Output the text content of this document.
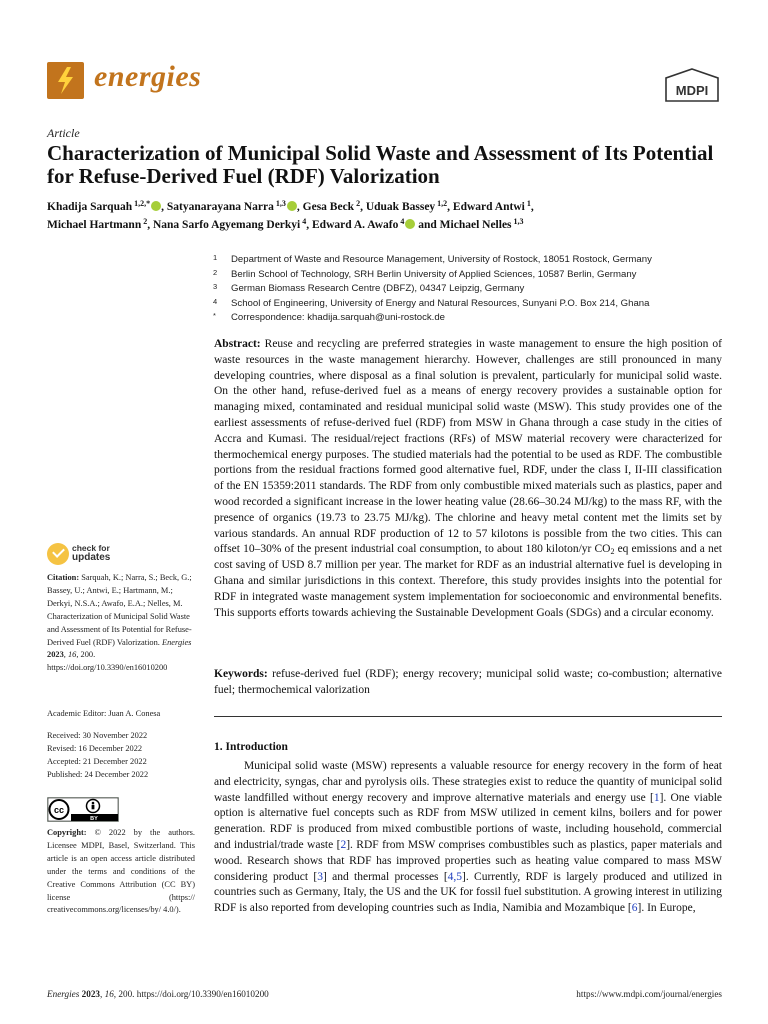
energies	MDPI
Article
Characterization of Municipal Solid Waste and Assessment of Its Potential for Refuse-Derived Fuel (RDF) Valorization
Khadija Sarquah $^{1,2,*}$ , Satyanarayana Narra $^{1,3}$ , Gesa Beck $^2$, Uduak Bassey $^{1,2}$, Edward Antwi $^1$,
Michael Hartmann $^2$, Nana Sarfo Agyemang Derkyi $^4$, Edward A. Awafo $^4$ and Michael Nelles $^{1,3}$
1 Department of Waste and Resource Management, University of Rostock, 18051 Rostock, Germany
2 Berlin School of Technology, SRH Berlin University of Applied Sciences, 10587 Berlin, Germany
3 German Biomass Research Centre (DBFZ), 04347 Leipzig, Germany
4 School of Engineering, University of Energy and Natural Resources, Sunyani P.O. Box 214, Ghana
* Correspondence: khadija.sarquah@uni-rostock.de
Abstract: Reuse and recycling are preferred strategies in waste management to ensure the high position of waste resources in the waste management hierarchy. However, challenges are still pronounced in many developing countries, where disposal as a final solution is prevalent, particularly for municipal solid waste. On the other hand, refuse-derived fuel as a means of energy recovery provides a sustainable option for managing mixed, contaminated and residual municipal solid waste (MSW). This study provides one of the earliest assessments of refuse-derived fuel (RDF) from MSW in Ghana through a case study in the cities of Accra and Kumasi. The residual/reject fractions (RFs) of MSW material recovery were characterized for thermochemical energy purposes. The studied materials had the potential to be used as RDF. The combustible portions from the residual fractions formed good alternative fuel, RDF, under the class I, II-III classification of the EN 15359:2011 standards. The RDF from only combustible mixed materials such as plastics, paper and wood recorded a significant increase in the lower heating value (28.66–30.24 MJ/kg) to the mass RF, with the presence of organics (19.73 to 23.75 MJ/kg). The chlorine and heavy metal content met the limits set by various standards. An annual RDF production of 12 to 57 kilotons is possible from the two cities. This can offset 10–30% of the present industrial coal consumption, to about 180 kiloton/yr $CO_2$ eq emissions and a net cost saving of USD 8.7 million per year. The market for RDF as an industrial alternative fuel is developing in Ghana and similar jurisdictions in this context. Therefore, this study provides insights into the potential for RDF in integrated waste management system implementation for socioeconomic and environmental benefits. This supports efforts towards achieving the Sustainable Development Goals (SDGs) and a circular economy.
Keywords: refuse-derived fuel (RDF); energy recovery; municipal solid waste; co-combustion; alternative fuel; thermochemical valorization
1. Introduction
Municipal solid waste (MSW) represents a valuable resource for energy recovery in the form of heat and electricity, syngas, char and pyrolysis oils. These strategies exist to reduce the quantity of municipal solid waste landfilled without energy recovery and improve alternative materials and energy use [1]. One viable option is alternative fuel concepts such as RDF from MSW utilized in cement kilns, boilers and for power generation. RDF is produced from mixed combustible portions of waste, including household, commercial and industrial/trade waste [2]. RDF from MSW comprises combustibles such as plastics, paper materials and wood. Research shows that RDF has improved properties such as heating value compared to mass MSW considering product [3] and thermal processes [4,5]. Currently, RDF is largely produced and utilized in countries such as Germany, Italy, the US and the UK for fossil fuel substitution. A growing interest in utilizing RDF is also reported from developing countries such as India, Namibia and Mozambique [6]. In Europe,
check for
updates
Citation: Sarquah, K.; Narra, S.; Beck, G.; Bassey, U.; Antwi, E.; Hartmann, M.; Derkyi, N.S.A.; Awafo, E.A.; Nelles, M. Characterization of Municipal Solid Waste and Assessment of Its Potential for Refuse-Derived Fuel (RDF) Valorization. Energies 2023, 16, 200. https://doi.org/10.3390/en16010200
Academic Editor: Juan A. Conesa
Received: 30 November 2022
Revised: 16 December 2022
Accepted: 21 December 2022
Published: 24 December 2022
cc
BY
Copyright: © 2022 by the authors. Licensee MDPI, Basel, Switzerland. This article is an open access article distributed under the terms and conditions of the Creative Commons Attribution (CC BY) license (https:// creativecommons.org/licenses/by/ 4.0/).
Energies 2023, 16, 200. https://doi.org/10.3390/en16010200	https://www.mdpi.com/journal/energies
